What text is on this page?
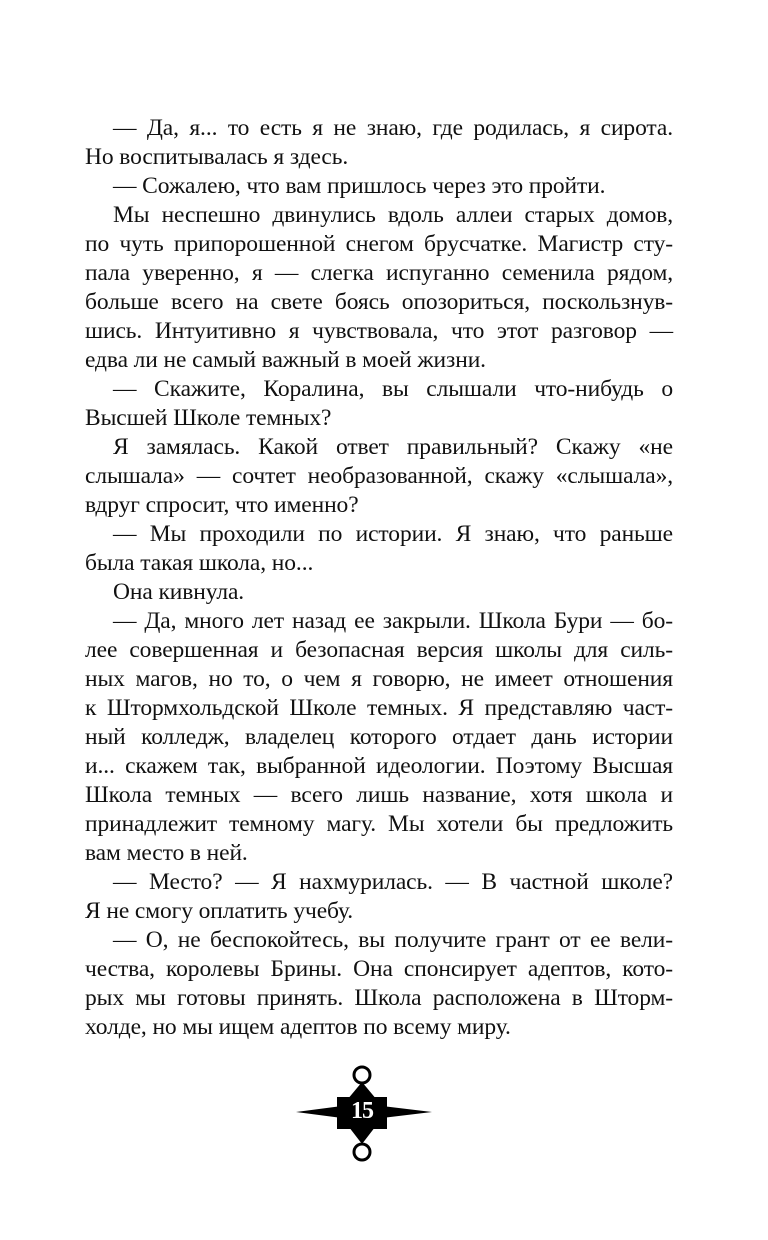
— Да, я... то есть я не знаю, где родилась, я сирота.
Но воспитывалась я здесь.

— Сожалею, что вам пришлось через это пройти.

Мы неспешно двинулись вдоль аллеи старых домов,
по чуть припорошенной снегом брусчатке. Магистр сту-
пала уверенно, я — слегка испуганно семенила рядом,
больше всего на свете боясь опозориться, поскользнув-
шись. Интуитивно я чувствовала, что этот разговор —
едва ли не самый важный в моей жизни.

— Скажите, Коралина, вы слышали что-нибудь о
Высшей Школе темных?

Я замялась. Какой ответ правильный? Скажу «не
слышала» — сочтет необразованной, скажу «слышала»,
вдруг спросит, что именно?

— Мы проходили по истории. Я знаю, что раньше
была такая школа, но...

Она кивнула.

— Да, много лет назад ее закрыли. Школа Бури — бо-
лее совершенная и безопасная версия школы для силь-
ных магов, но то, о чем я говорю, не имеет отношения
к Штормхольдской Школе темных. Я представляю част-
ный колледж, владелец которого отдает дань истории
и... скажем так, выбранной идеологии. Поэтому Высшая
Школа темных — всего лишь название, хотя школа и
принадлежит темному магу. Мы хотели бы предложить
вам место в ней.

— Место? — Я нахмурилась. — В частной школе?
Я не смогу оплатить учебу.

— О, не беспокойтесь, вы получите грант от ее вели-
чества, королевы Брины. Она спонсирует адептов, кото-
рых мы готовы принять. Школа расположена в Шторм-
холде, но мы ищем адептов по всему миру.

15
